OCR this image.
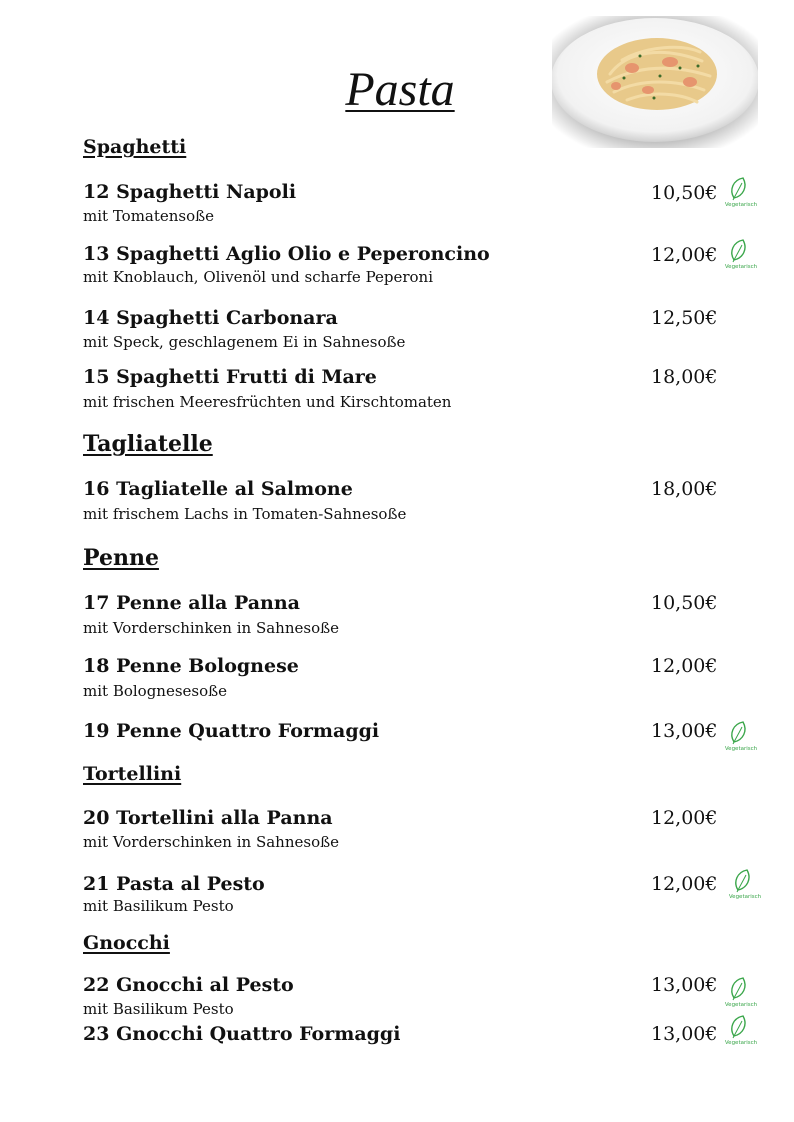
Pasta
Spaghetti
12 Spaghetti Napoli
mit Tomatensoße
10,50€
13 Spaghetti Aglio Olio e Peperoncino
mit Knoblauch, Olivenöl und scharfe Peperoni
12,00€
14 Spaghetti Carbonara
mit Speck, geschlagenem Ei in Sahnesoße
12,50€
15 Spaghetti Frutti di Mare
mit frischen Meeresfrüchten und Kirschtomaten
18,00€
Tagliatelle
16 Tagliatelle al Salmone
mit frischem Lachs in Tomaten-Sahnesoße
18,00€
Penne
17 Penne alla Panna
mit Vorderschinken in Sahnesoße
10,50€
18 Penne Bolognese
mit Bolognesesoße
12,00€
19 Penne Quattro Formaggi	13,00€
Tortellini
20 Tortellini alla Panna
mit Vorderschinken in Sahnesoße
12,00€
21 Pasta al Pesto
mit Basilikum Pesto
12,00€
Gnocchi
22 Gnocchi al Pesto
mit Basilikum Pesto
13,00€
23 Gnocchi Quattro Formaggi	13,00€
Vegetarisch
Vegetarisch
Vegetarisch
Vegetarisch
Vegetarisch
Vegetarisch
